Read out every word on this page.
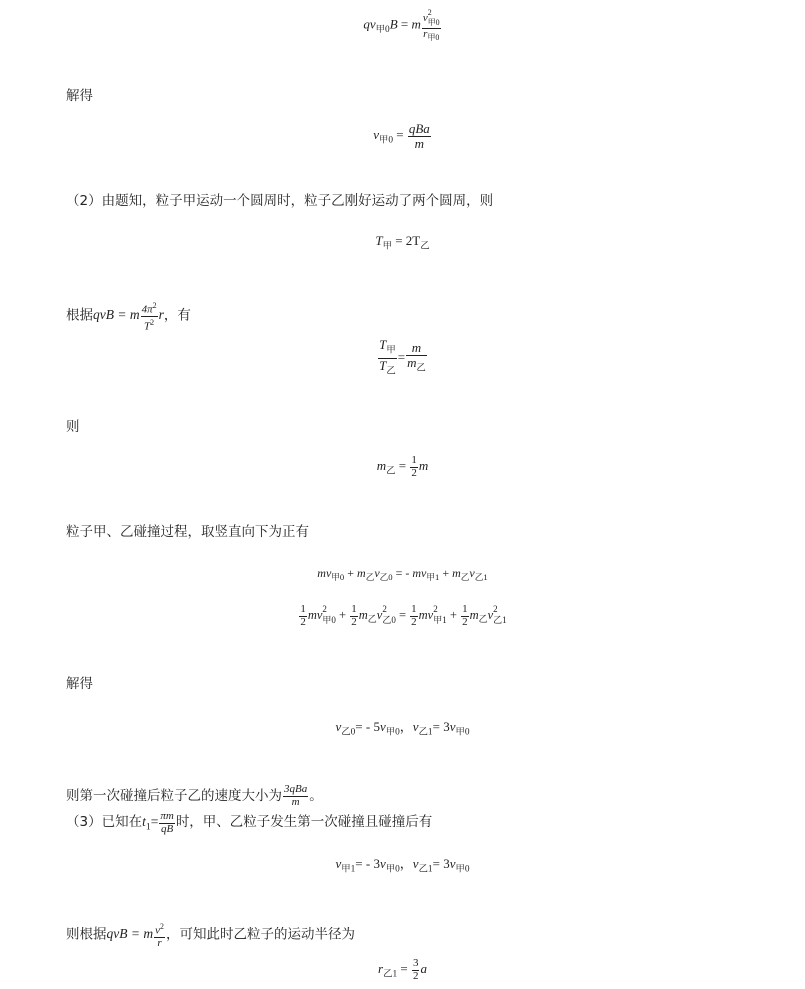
$qv_{甲0}B = m$ v 2
甲0
$r_{甲0}$
解得
$v_{甲0} = \frac{\text{qBa}}{m}$
（2）由题知，粒子甲运动一个圆周时，粒子乙刚好运动了两个圆周，则
$T_甲 = 2T_乙$
根据qvB = m $\frac{4\pi^2}{T^2}$ r，有
$\frac{T_甲}{T_乙} = \frac{m}{m_乙}$
则
$m_乙 = \frac{1}{2}$ m
粒子甲、乙碰撞过程，取竖直向下为正有
$mv_{甲0} + m_乙v_{乙0}$ = - $mv_{甲1} + m_乙v_{乙1}$
$\frac{1}{2}$ mv 2
甲$0 + \frac{1}{2} m_乙v$ 2
乙$0 = \frac{1}{2}$ mv 2
甲$1 + \frac{1}{2} m_乙v$ 2
乙1
解得
$v_{乙0}= - 5v_{甲0}$，$v_{乙1}= 3v_{甲0}$
则第一次碰撞后粒子乙的速度大小为 $\frac{\text{3qBa}}{m}$ 。
（3）已知在$t_1= \frac{\pi m}{qB}$ 时，甲、乙粒子发生第一次碰撞且碰撞后有
$v_{甲1}= - 3v_{甲0}$，$v_{乙1}= 3v_{甲0}$
则根据qvB = m $\frac{v^2}{r}$ ，可知此时乙粒子的运动半径为
$r_{乙1} = \frac{3}{2}$ a
